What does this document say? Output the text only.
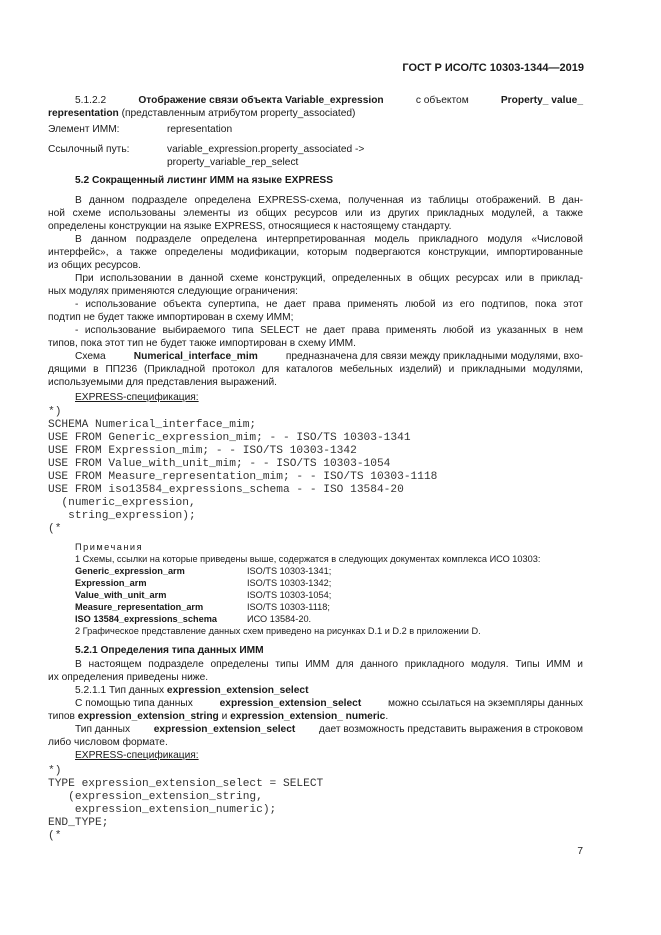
ГОСТ Р ИСО/ТС 10303-1344—2019
5.1.2.2	Отображение связи объекта Variable_expression	с объектом	Property_ value_
representation (представленным атрибутом property_associated)
Элемент ИММ:	representation
Ссылочный путь:	variable_expression.property_associated ->
property_variable_rep_select
5.2 Сокращенный листинг ИММ на языке EXPRESS
В данном подразделе определена EXPRESS-схема, полученная из таблицы отображений. В дан-
ной схеме использованы элементы из общих ресурсов или из других прикладных модулей, а также
определены конструкции на языке EXPRESS, относящиеся к настоящему стандарту.
В данном подразделе определена интерпретированная модель прикладного модуля «Числовой
интерфейс», а также определены модификации, которым подвергаются конструкции, импортированные
из общих ресурсов.
При использовании в данной схеме конструкций, определенных в общих ресурсах или в приклад-
ных модулях применяются следующие ограничения:
- использование объекта супертипа, не дает права применять любой из его подтипов, пока этот
подтип не будет также импортирован в схему ИММ;
- использование выбираемого типа SELECT не дает права применять любой из указанных в нем
типов, пока этот тип не будет также импортирован в схему ИММ.
Схема	Numerical_interface_mim	предназначена для связи между прикладными модулями, вхо-
дящими в ПП236 (Прикладной протокол для каталогов мебельных изделий) и прикладными модулями,
используемыми для представления выражений.
EXPRESS-спецификация:
*)
SCHEMA Numerical_interface_mim;
USE FROM Generic_expression_mim; - - ISO/TS 10303-1341
USE FROM Expression_mim; - - ISO/TS 10303-1342
USE FROM Value_with_unit_mim; - - ISO/TS 10303-1054
USE FROM Measure_representation_mim; - - ISO/TS 10303-1118
USE FROM iso13584_expressions_schema - - ISO 13584-20
(numeric_expression,
string_expression);
(*
Примечания
1 Схемы, ссылки на которые приведены выше, содержатся в следующих документах комплекса ИСО 10303:
Generic_expression_arm	ISO/TS 10303-1341;
Expression_arm	ISO/TS 10303-1342;
Value_with_unit_arm	ISO/TS 10303-1054;
Measure_representation_arm	ISO/TS 10303-1118;
ISO 13584_expressions_schema	ИСО 13584-20.
2 Графическое представление данных схем приведено на рисунках D.1 и D.2 в приложении D.
5.2.1 Определения типа данных ИММ
В настоящем подразделе определены типы ИММ для данного прикладного модуля. Типы ИММ и
их определения приведены ниже.
5.2.1.1 Тип данных expression_extension_select
С помощью типа данных	expression_extension_select	можно ссылаться на экземпляры данных
типов expression_extension_string и expression_extension_ numeric.
Тип данных expression_extension_select дает возможность представить выражения в строковом
либо числовом формате.
EXPRESS-спецификация:
*)
TYPE expression_extension_select = SELECT
(expression_extension_string,
expression_extension_numeric);
END_TYPE;
(*
7
